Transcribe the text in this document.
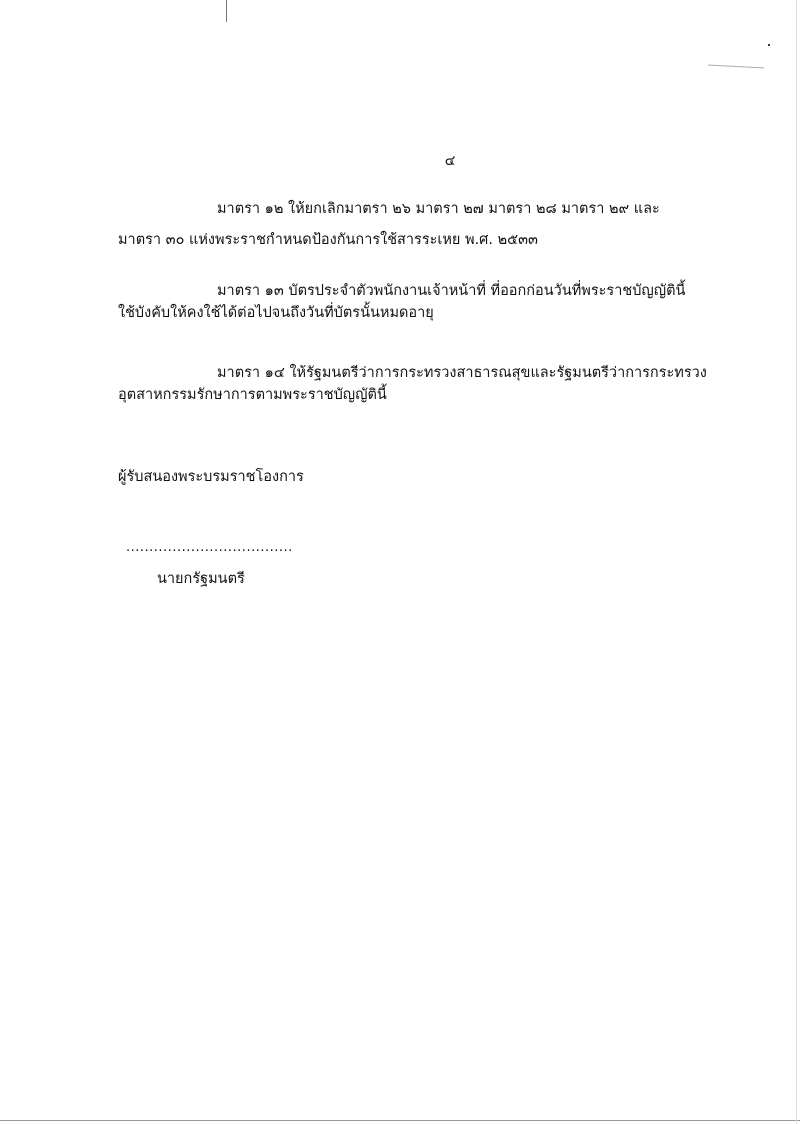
๔
มาตรา ๑๒ ให้ยกเลิกมาตรา ๒๖ มาตรา ๒๗ มาตรา ๒๘ มาตรา ๒๙ และ
มาตรา ๓๐ แห่งพระราชกำหนดป้องกันการใช้สารระเหย พ.ศ. ๒๕๓๓
มาตรา ๑๓ บัตรประจำตัวพนักงานเจ้าหน้าที่ ที่ออกก่อนวันที่พระราชบัญญัตินี้
ใช้บังคับให้คงใช้ได้ต่อไปจนถึงวันที่บัตรนั้นหมดอายุ
มาตรา ๑๔ ให้รัฐมนตรีว่าการกระทรวงสาธารณสุขและรัฐมนตรีว่าการกระทรวง
อุตสาหกรรมรักษาการตามพระราชบัญญัตินี้
ผู้รับสนองพระบรมราชโองการ
....................................
นายกรัฐมนตรี
